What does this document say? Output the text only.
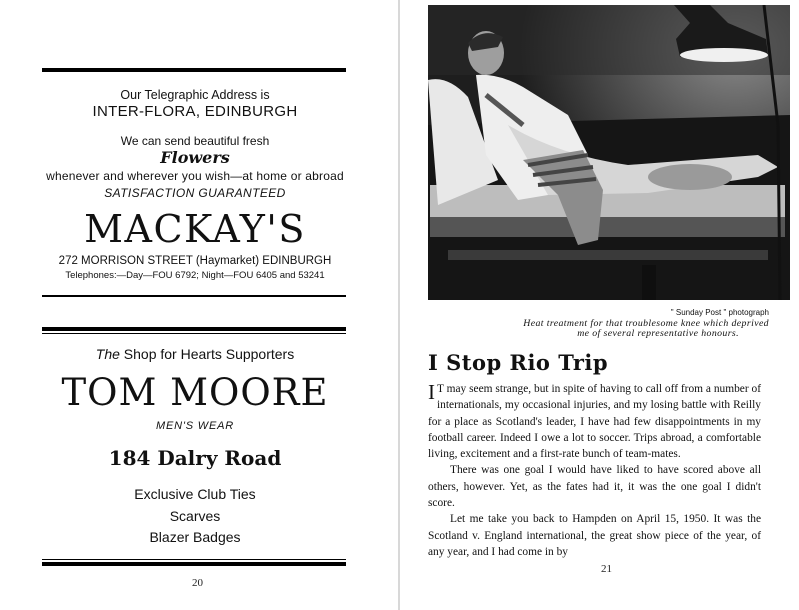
Our Telegraphic Address is
INTER-FLORA, EDINBURGH
We can send beautiful fresh
Flowers
whenever and wherever you wish—at home or abroad
SATISFACTION GUARANTEED
MACKAY'S
272 MORRISON STREET (Haymarket) EDINBURGH
Telephones:—Day—FOU 6792; Night—FOU 6405 and 53241
The Shop for Hearts Supporters
TOM MOORE
MEN'S WEAR
184 Dalry Road
Exclusive Club Ties
Scarves
Blazer Badges
20
" Sunday Post " photograph
Heat treatment for that troublesome knee which deprived
me of several representative honours.
I Stop Rio Trip

I T may seem strange, but in spite of having to call off from a number of internationals, my occasional injuries, and my losing battle with Reilly for a place as Scotland's leader, I have had few disappointments in my football career. Indeed I owe a lot to soccer. Trips abroad, a comfortable living, excitement and a first-rate bunch of team-mates.

There was one goal I would have liked to have scored above all others, however. Yet, as the fates had it, it was the one goal I didn't score.

Let me take you back to Hampden on April 15, 1950. It was the Scotland v. England international, the great show piece of the year, of any year, and I had come in by

21
